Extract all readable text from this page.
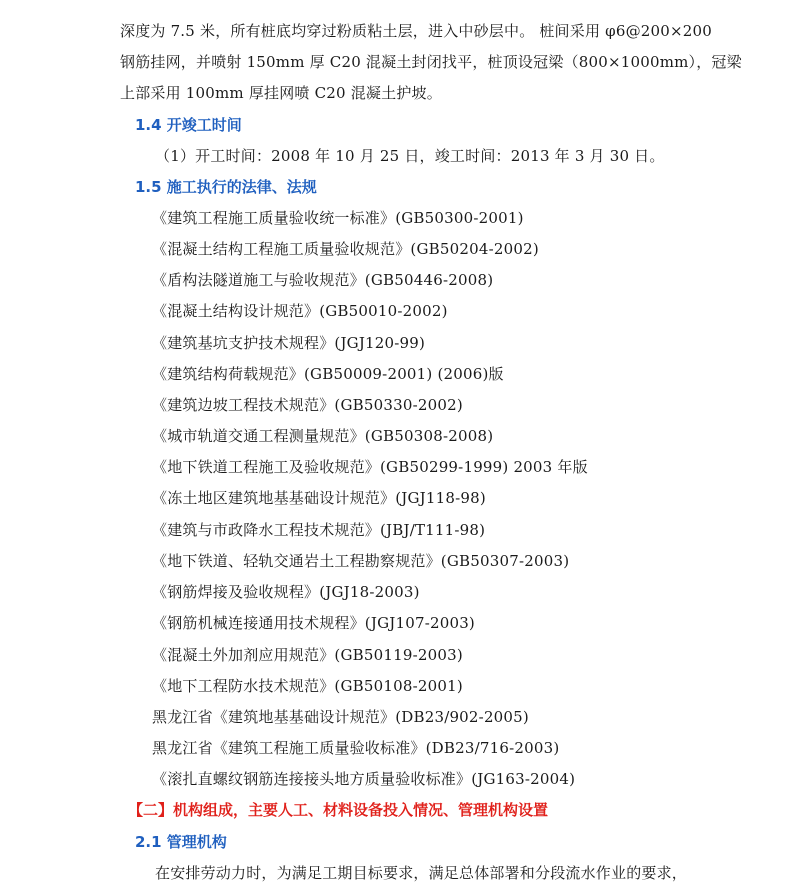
深度为 7.5 米，所有桩底均穿过粉质粘土层，进入中砂层中。 桩间采用 φ6@200×200
钢筋挂网，并喷射 150mm 厚 C20 混凝土封闭找平，桩顶设冠梁（800×1000mm），冠梁
上部采用 100mm 厚挂网喷 C20 混凝土护坡。
1.4 开竣工时间
（1）开工时间：2008 年 10 月 25 日，竣工时间：2013 年 3 月 30 日。
1.5 施工执行的法律、法规
《建筑工程施工质量验收统一标准》(GB50300-2001)
《混凝土结构工程施工质量验收规范》(GB50204-2002)
《盾构法隧道施工与验收规范》(GB50446-2008)
《混凝土结构设计规范》(GB50010-2002)
《建筑基坑支护技术规程》(JGJ120-99)
《建筑结构荷载规范》(GB50009-2001) (2006)版
《建筑边坡工程技术规范》(GB50330-2002)
《城市轨道交通工程测量规范》(GB50308-2008)
《地下铁道工程施工及验收规范》(GB50299-1999) 2003 年版
《冻土地区建筑地基基础设计规范》(JGJ118-98)
《建筑与市政降水工程技术规范》(JBJ/T111-98)
《地下铁道、轻轨交通岩土工程勘察规范》(GB50307-2003)
《钢筋焊接及验收规程》(JGJ18-2003)
《钢筋机械连接通用技术规程》(JGJ107-2003)
《混凝土外加剂应用规范》(GB50119-2003)
《地下工程防水技术规范》(GB50108-2001)
黑龙江省《建筑地基基础设计规范》(DB23/902-2005)
黑龙江省《建筑工程施工质量验收标准》(DB23/716-2003)
《滚扎直螺纹钢筋连接接头地方质量验收标准》(JG163-2004)
【二】机构组成，主要人工、材料设备投入情况、管理机构设置
2.1 管理机构
在安排劳动力时，为满足工期目标要求，满足总体部署和分段流水作业的要求，
